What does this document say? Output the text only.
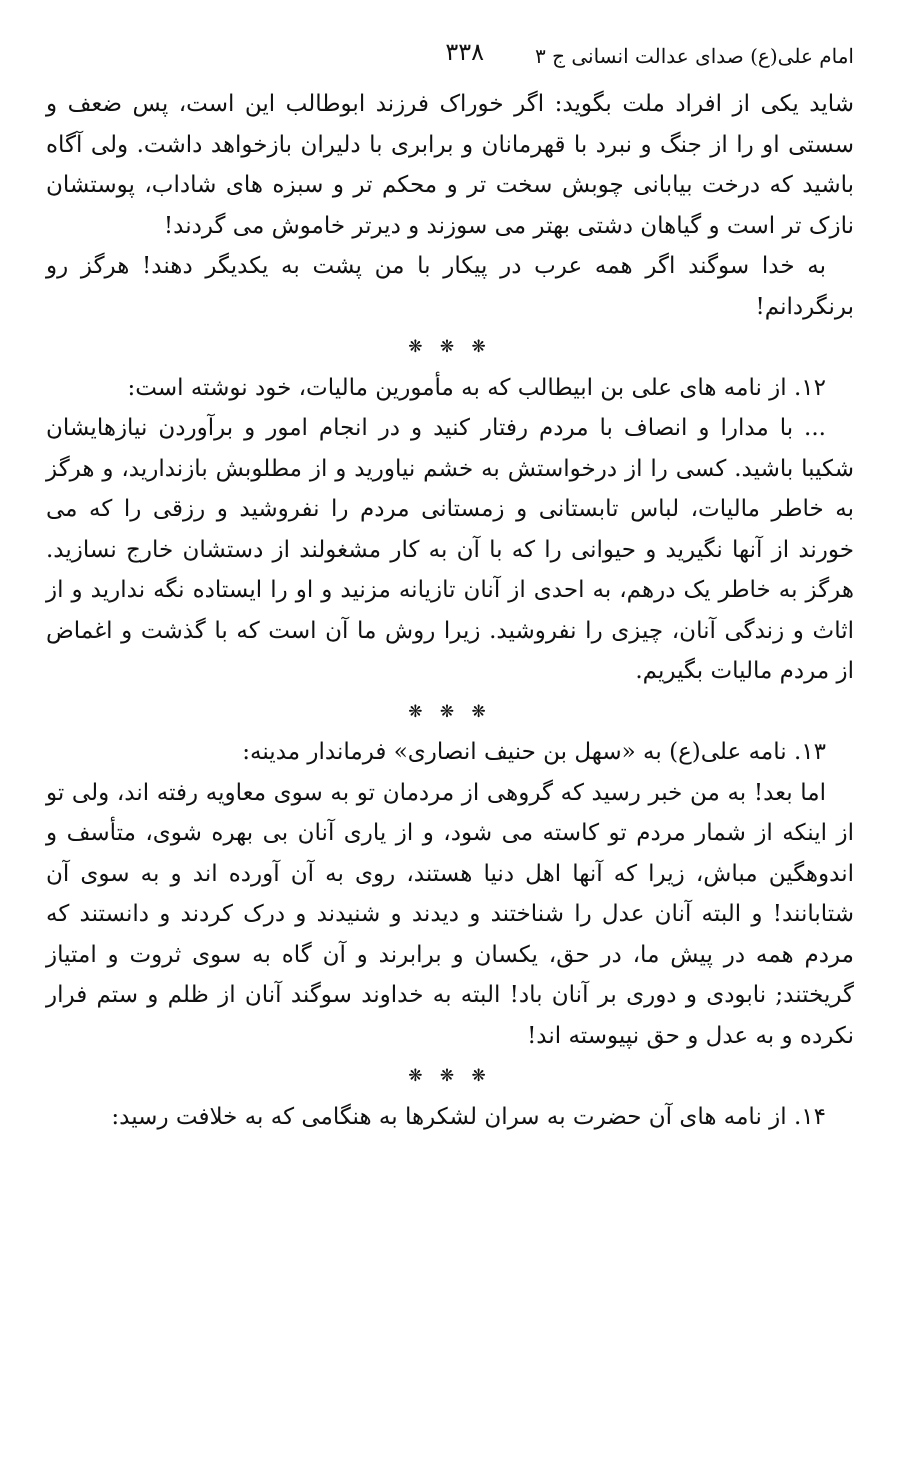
امام علی(ع) صدای عدالت انسانی ج ۳
۳۳۸

شاید یکی از افراد ملت بگوید: اگر خوراک فرزند ابوطالب این است، پس ضعف و سستی او را از جنگ و نبرد با قهرمانان و برابری با دلیران بازخواهد داشت. ولی آگاه باشید که درخت بیابانی چوبش سخت تر و محکم تر و سبزه های شاداب، پوستشان نازک تر است و گیاهان دشتی بهتر می سوزند و دیرتر خاموش می گردند!

به خدا سوگند اگر همه عرب در پیکار با من پشت به یکدیگر دهند! هرگز رو برنگردانم!

❋ ❋ ❋

۱۲. از نامه های علی بن ابیطالب که به مأمورین مالیات، خود نوشته است:

... با مدارا و انصاف با مردم رفتار کنید و در انجام امور و برآوردن نیازهایشان شکیبا باشید. کسی را از درخواستش به خشم نیاورید و از مطلوبش بازندارید، و هرگز به خاطر مالیات، لباس تابستانی و زمستانی مردم را نفروشید و رزقی را که می خورند از آنها نگیرید و حیوانی را که با آن به کار مشغولند از دستشان خارج نسازید. هرگز به خاطر یک درهم، به احدی از آنان تازیانه مزنید و او را ایستاده نگه ندارید و از اثاث و زندگی آنان، چیزی را نفروشید. زیرا روش ما آن است که با گذشت و اغماض از مردم مالیات بگیریم.

❋ ❋ ❋

۱۳. نامه علی(ع) به «سهل بن حنیف انصاری» فرماندار مدینه:

اما بعد! به من خبر رسید که گروهی از مردمان تو به سوی معاویه رفته اند، ولی تو از اینکه از شمار مردم تو کاسته می شود، و از یاری آنان بی بهره شوی، متأسف و اندوهگین مباش، زیرا که آنها اهل دنیا هستند، روی به آن آورده اند و به سوی آن شتابانند! و البته آنان عدل را شناختند و دیدند و شنیدند و درک کردند و دانستند که مردم همه در پیش ما، در حق، یکسان و برابرند و آن گاه به سوی ثروت و امتیاز گریختند; نابودی و دوری بر آنان باد! البته به خداوند سوگند آنان از ظلم و ستم فرار نکرده و به عدل و حق نپیوسته اند!

❋ ❋ ❋

۱۴. از نامه های آن حضرت به سران لشکرها به هنگامی که به خلافت رسید:
